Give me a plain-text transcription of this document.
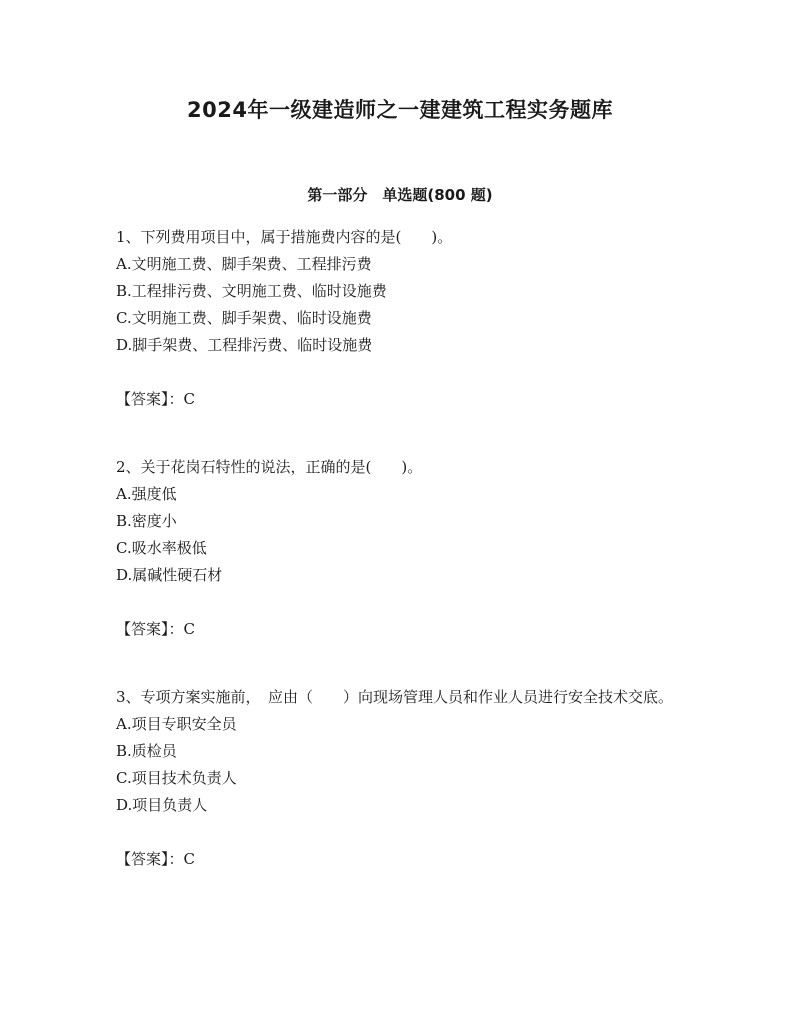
2024年一级建造师之一建建筑工程实务题库
第一部分　单选题(800 题)
1、下列费用项目中，属于措施费内容的是(　　)。
A.文明施工费、脚手架费、工程排污费
B.工程排污费、文明施工费、临时设施费
C.文明施工费、脚手架费、临时设施费
D.脚手架费、工程排污费、临时设施费
【答案】：C
2、关于花岗石特性的说法，正确的是(　　)。
A.强度低
B.密度小
C.吸水率极低
D.属碱性硬石材
【答案】：C
3、专项方案实施前，　应由（　　）向现场管理人员和作业人员进行安全技术交底。
A.项目专职安全员
B.质检员
C.项目技术负责人
D.项目负责人
【答案】：C
